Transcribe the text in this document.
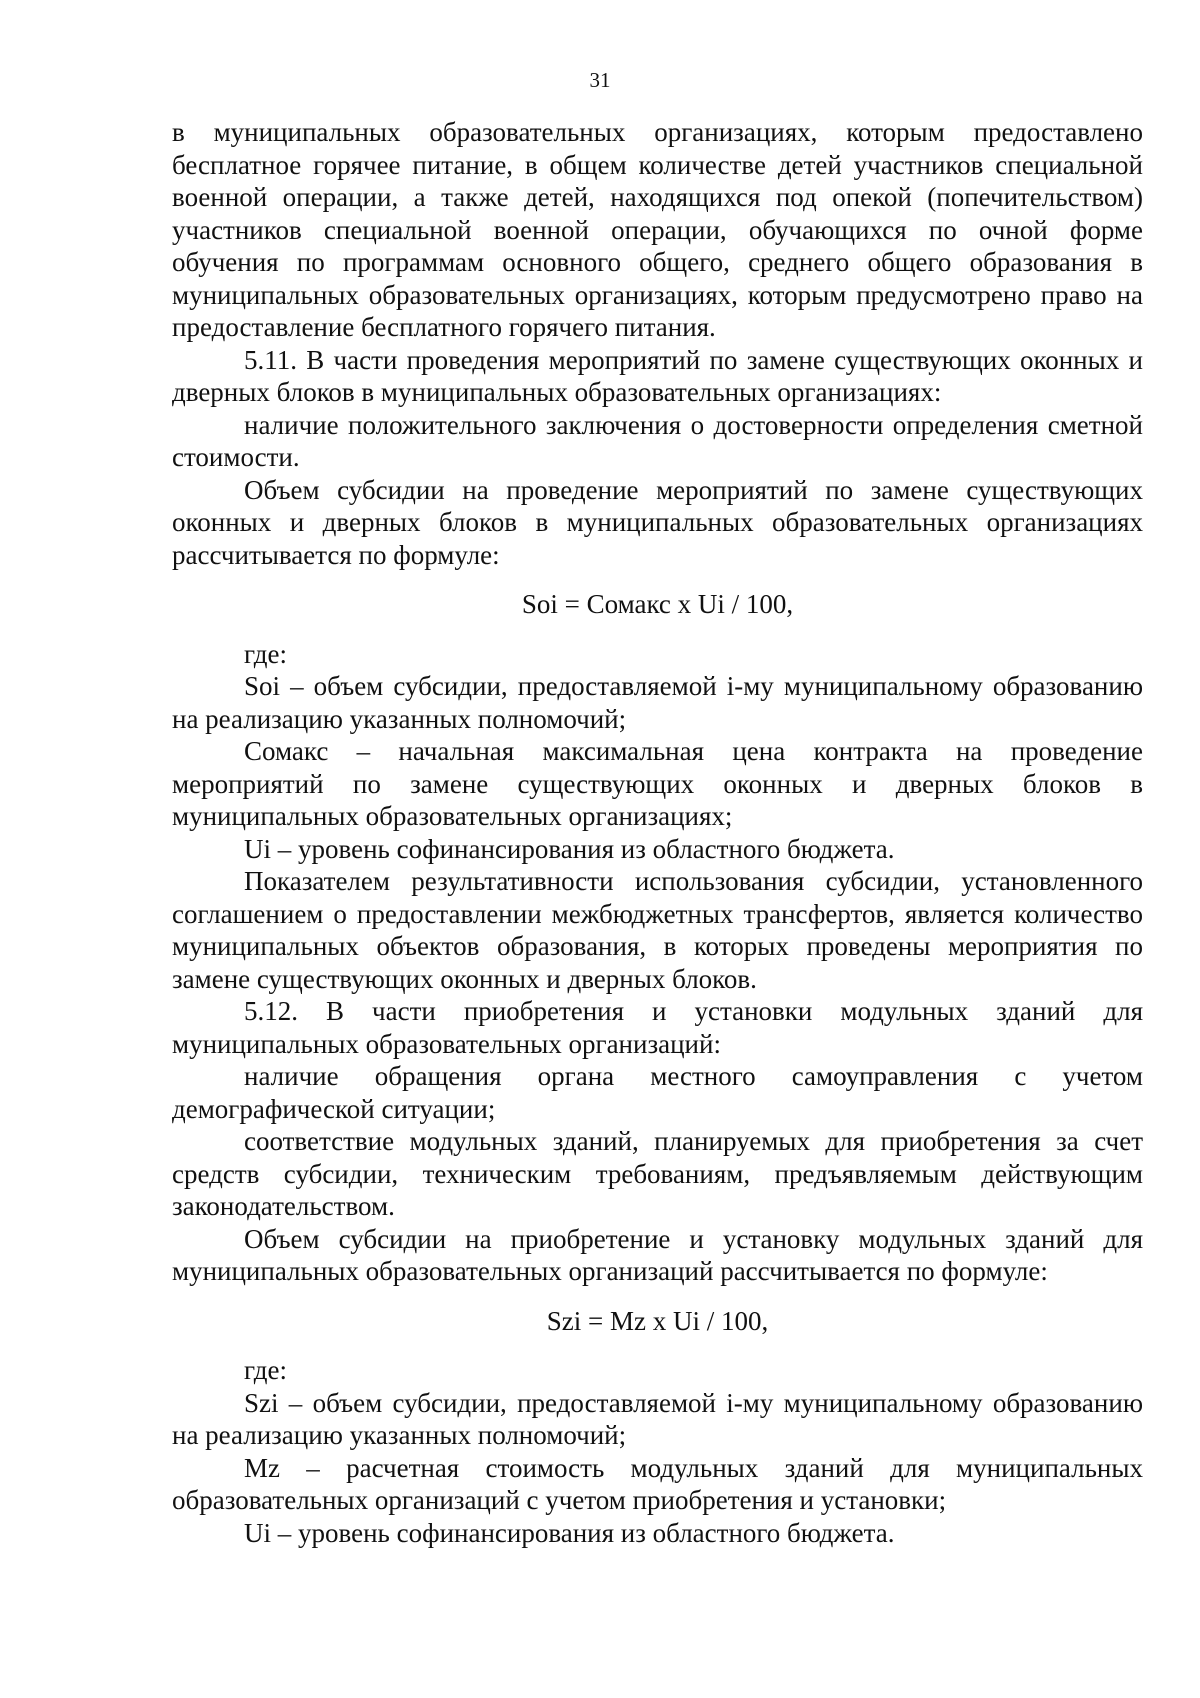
31

в муниципальных образовательных организациях, которым предоставлено бесплатное горячее питание, в общем количестве детей участников специальной военной операции, а также детей, находящихся под опекой (попечительством) участников специальной военной операции, обучающихся по очной форме обучения по программам основного общего, среднего общего образования в муниципальных образовательных организациях, которым предусмотрено право на предоставление бесплатного горячего питания.

5.11. В части проведения мероприятий по замене существующих оконных и дверных блоков в муниципальных образовательных организациях:

наличие положительного заключения о достоверности определения сметной стоимости.

Объем субсидии на проведение мероприятий по замене существующих оконных и дверных блоков в муниципальных образовательных организациях рассчитывается по формуле:

Soi = Сомакс х Ui / 100,

где:

Soi – объем субсидии, предоставляемой i-му муниципальному образованию на реализацию указанных полномочий;

Сомакс – начальная максимальная цена контракта на проведение мероприятий по замене существующих оконных и дверных блоков в муниципальных образовательных организациях;

Ui – уровень софинансирования из областного бюджета.

Показателем результативности использования субсидии, установленного соглашением о предоставлении межбюджетных трансфертов, является количество муниципальных объектов образования, в которых проведены мероприятия по замене существующих оконных и дверных блоков.

5.12. В части приобретения и установки модульных зданий для муниципальных образовательных организаций:

наличие обращения органа местного самоуправления с учетом демографической ситуации;

соответствие модульных зданий, планируемых для приобретения за счет средств субсидии, техническим требованиям, предъявляемым действующим законодательством.

Объем субсидии на приобретение и установку модульных зданий для муниципальных образовательных организаций рассчитывается по формуле:

Szi = Mz х Ui / 100,

где:

Szi – объем субсидии, предоставляемой i-му муниципальному образованию на реализацию указанных полномочий;

Mz – расчетная стоимость модульных зданий для муниципальных образовательных организаций с учетом приобретения и установки;

Ui – уровень софинансирования из областного бюджета.
